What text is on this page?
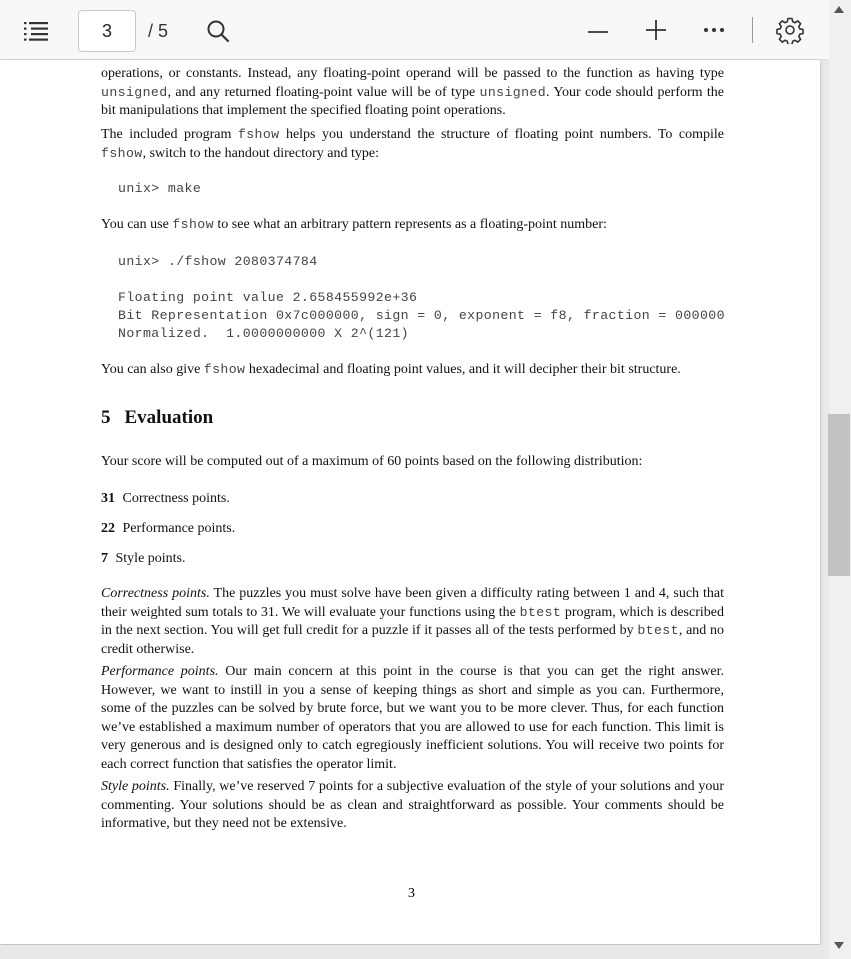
3 / 5

operations, or constants. Instead, any floating-point operand will be passed to the function as having type unsigned, and any returned floating-point value will be of type unsigned. Your code should perform the bit manipulations that implement the specified floating point operations.

The included program fshow helps you understand the structure of floating point numbers. To compile fshow, switch to the handout directory and type:

unix> make

You can use fshow to see what an arbitrary pattern represents as a floating-point number:

unix> ./fshow 2080374784
Floating point value 2.658455992e+36
Bit Representation 0x7c000000, sign = 0, exponent = f8, fraction = 000000
Normalized.  1.0000000000 X 2^(121)

You can also give fshow hexadecimal and floating point values, and it will decipher their bit structure.

5 Evaluation

Your score will be computed out of a maximum of 60 points based on the following distribution:

31 Correctness points.

22 Performance points.

7 Style points.

Correctness points. The puzzles you must solve have been given a difficulty rating between 1 and 4, such that their weighted sum totals to 31. We will evaluate your functions using the btest program, which is described in the next section. You will get full credit for a puzzle if it passes all of the tests performed by btest, and no credit otherwise.

Performance points. Our main concern at this point in the course is that you can get the right answer. However, we want to instill in you a sense of keeping things as short and simple as you can. Furthermore, some of the puzzles can be solved by brute force, but we want you to be more clever. Thus, for each function we’ve established a maximum number of operators that you are allowed to use for each function. This limit is very generous and is designed only to catch egregiously inefficient solutions. You will receive two points for each correct function that satisfies the operator limit.

Style points. Finally, we’ve reserved 7 points for a subjective evaluation of the style of your solutions and your commenting. Your solutions should be as clean and straightforward as possible. Your comments should be informative, but they need not be extensive.

3
